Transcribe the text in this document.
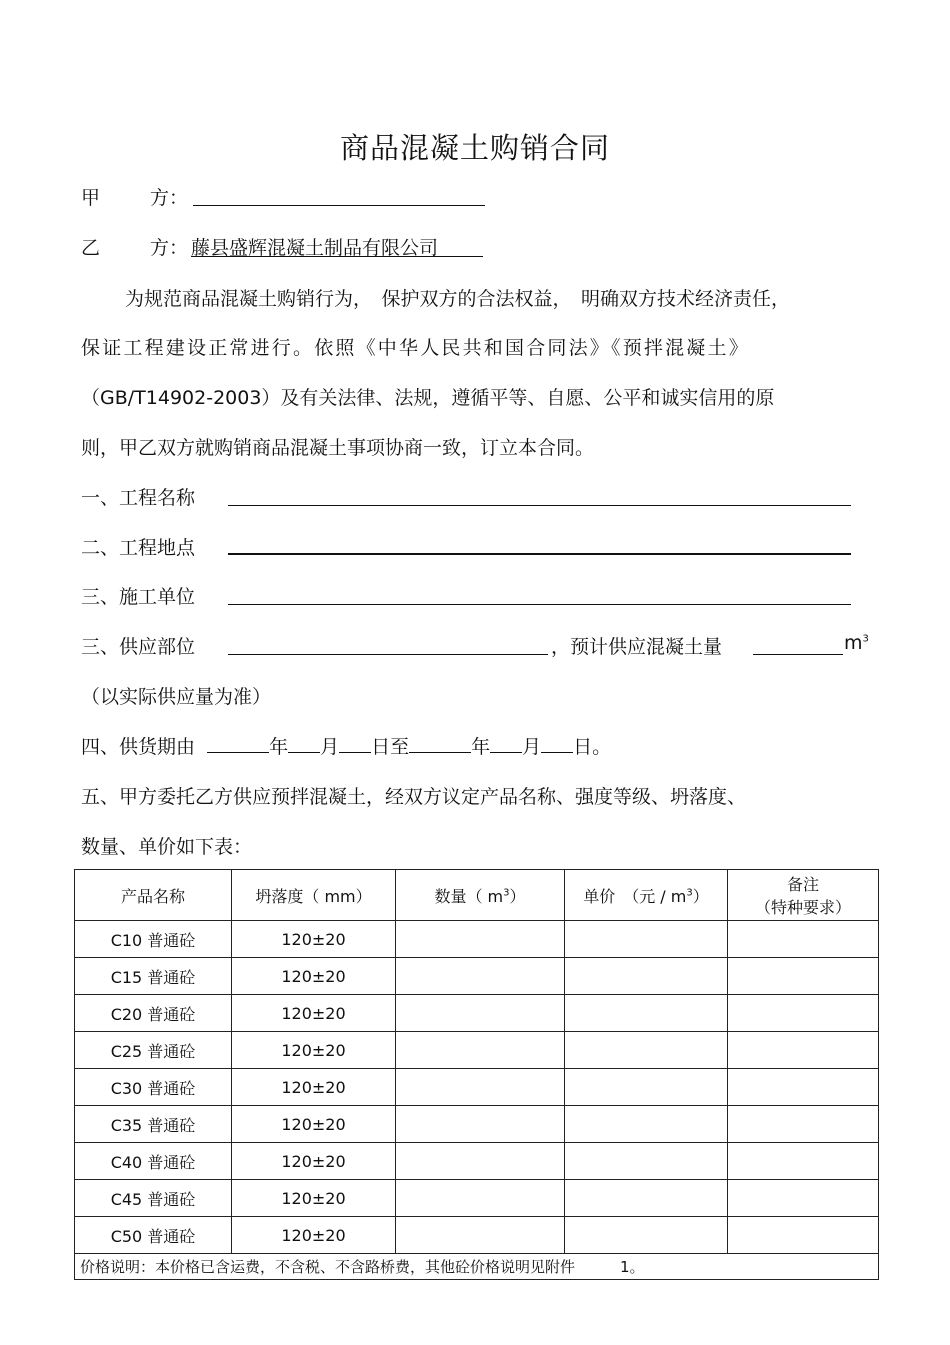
商品混凝土购销合同
甲	方：
乙	方： 藤县盛辉混凝土制品有限公司
为规范商品混凝土购销行为，　保护双方的合法权益，　明确双方技术经济责任，
保证工程建设正常进行。依照《中华人民共和国合同法》《预拌混凝土》
（GB/T14902-2003）及有关法律、法规，遵循平等、自愿、公平和诚实信用的原
则，甲乙双方就购销商品混凝土事项协商一致，订立本合同。
一、工程名称
二、工程地点
三、施工单位
三、供应部位	，预计供应混凝土量	$m^3$
（以实际供应量为准）
四、供货期由	年 月 日至	年 月 日。
五、甲方委托乙方供应预拌混凝土，经双方议定产品名称、强度等级、坍落度、
数量、单价如下表：
产品名称	坍落度（ mm）	数量（ $m^3$）	单价　（元 / $m^3$）	备注
（特种要求）

C10 普通砼	120±20			
C15 普通砼	120±20			
C20 普通砼	120±20			
C25 普通砼	120±20			
C30 普通砼	120±20			
C35 普通砼	120±20			
C40 普通砼	120±20			
C45 普通砼	120±20			
C50 普通砼	120±20			
价格说明：本价格已含运费，不含税、不含路桥费，其他砼价格说明见附件　　　1。				
